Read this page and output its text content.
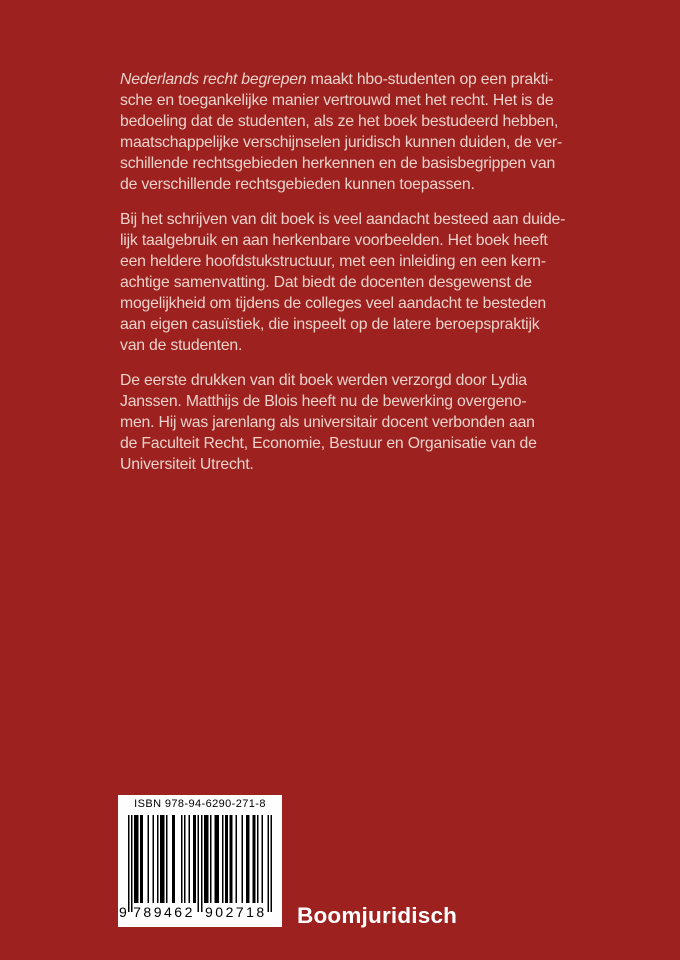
Nederlands recht begrepen maakt hbo-studenten op een prakti-
sche en toegankelijke manier vertrouwd met het recht. Het is de
bedoeling dat de studenten, als ze het boek bestudeerd hebben,
maatschappelijke verschijnselen juridisch kunnen duiden, de ver-
schillende rechtsgebieden herkennen en de basisbegrippen van
de verschillende rechtsgebieden kunnen toepassen.

Bij het schrijven van dit boek is veel aandacht besteed aan duide-
lijk taalgebruik en aan herkenbare voorbeelden. Het boek heeft
een heldere hoofdstukstructuur, met een inleiding en een kern-
achtige samenvatting. Dat biedt de docenten desgewenst de
mogelijkheid om tijdens de colleges veel aandacht te besteden
aan eigen casuïstiek, die inspeelt op de latere beroepspraktijk
van de studenten.

De eerste drukken van dit boek werden verzorgd door Lydia
Janssen. Matthijs de Blois heeft nu de bewerking overgeno-
men. Hij was jarenlang als universitair docent verbonden aan
de Faculteit Recht, Economie, Bestuur en Organisatie van de
Universiteit Utrecht.

ISBN 978-94-6290-271-8
9 789462 902718 Boomjuridisch
